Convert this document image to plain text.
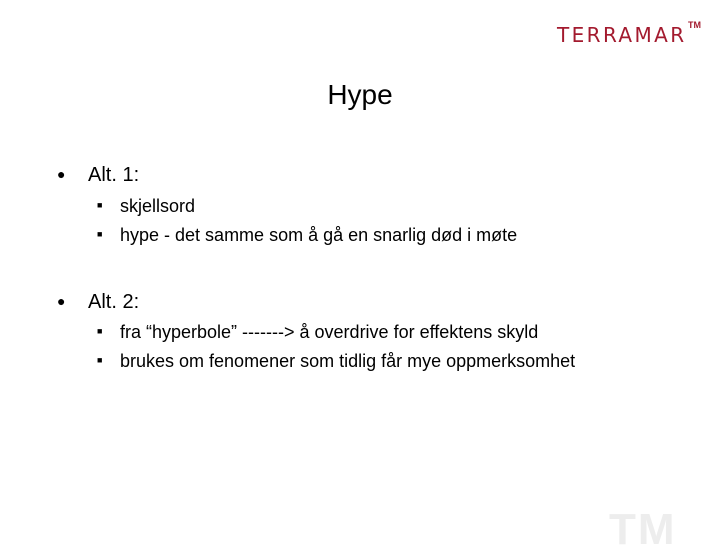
TERRAMAR TM
Hype
● Alt. 1:
■ skjellsord
■ hype - det samme som å gå en snarlig død i møte
● Alt. 2:
■ fra “hyperbole” -------> å overdrive for effektens skyld
■ brukes om fenomener som tidlig får mye oppmerksomhet
TM
